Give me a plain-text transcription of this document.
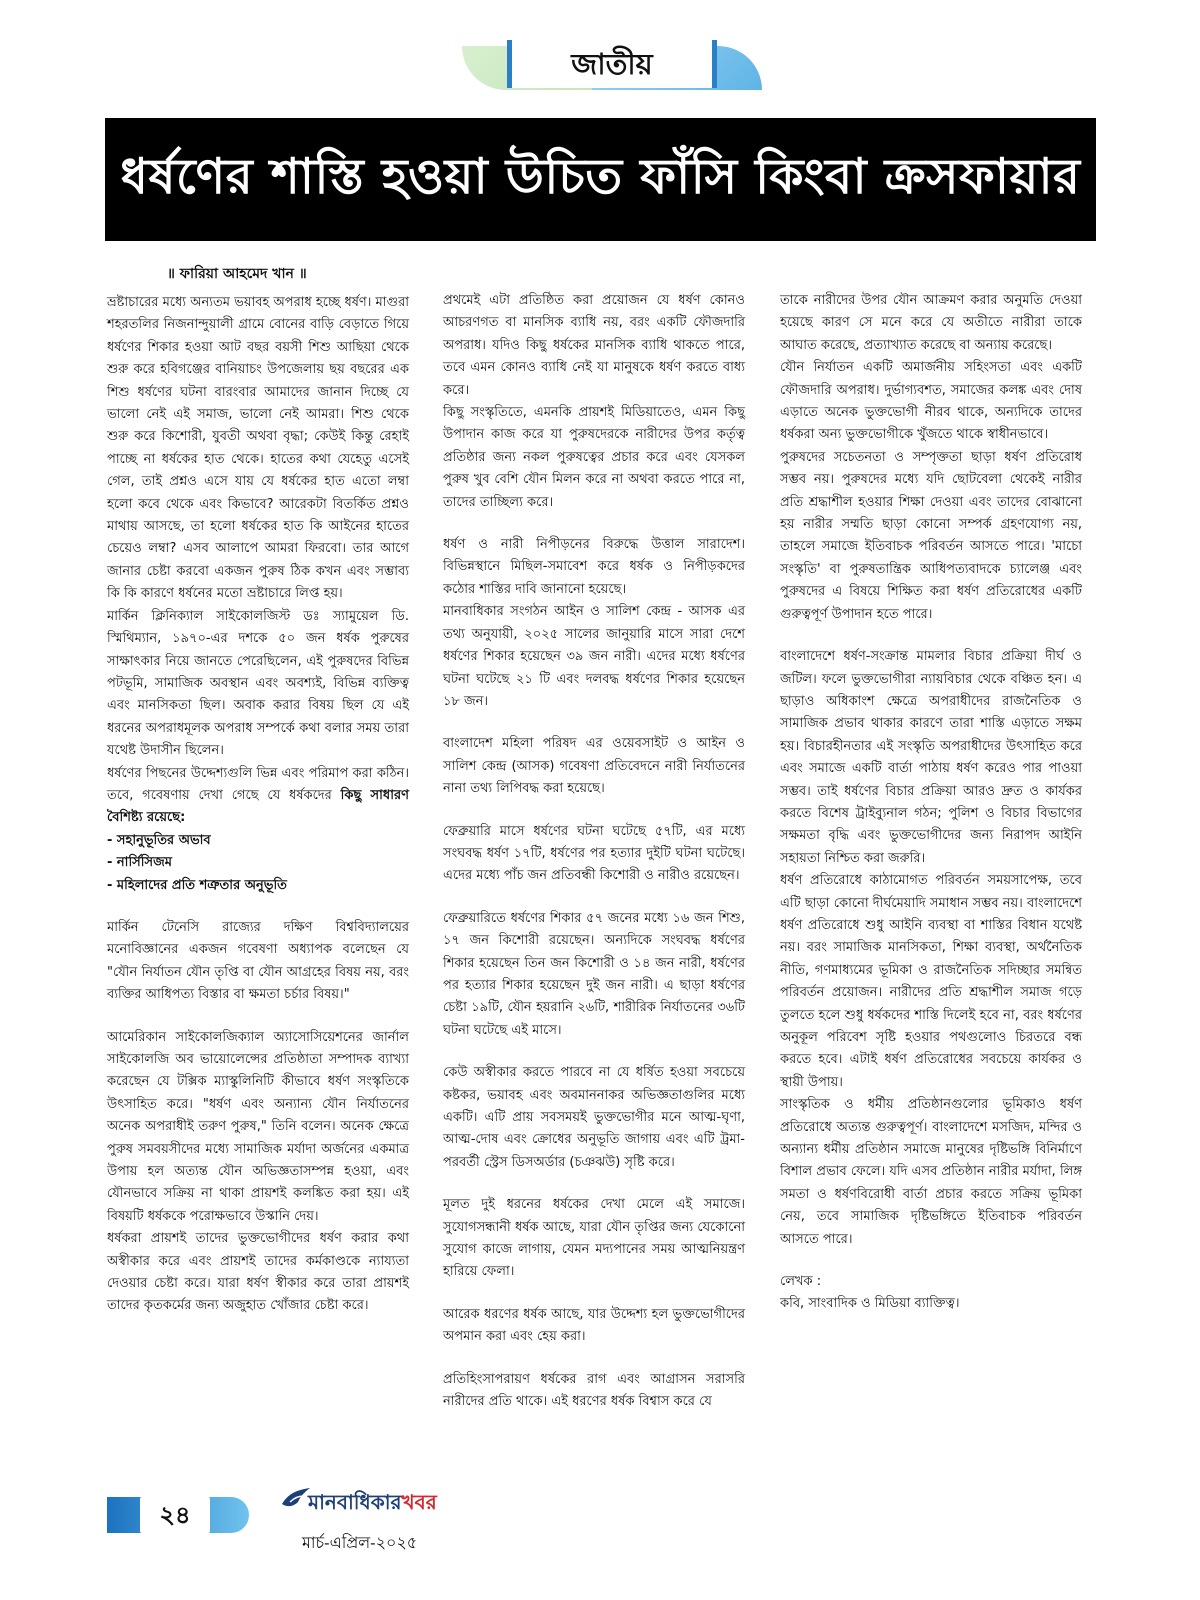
জাতীয়
ধর্ষণের শাস্তি হওয়া উচিত ফাঁসি কিংবা ক্রসফায়ার

॥ ফারিয়া আহমেদ খান ॥

ভ্রষ্টাচারের মধ্যে অন্যতম ভয়াবহ অপরাধ হচ্ছে ধর্ষণ। মাগুরা শহরতলির নিজনান্দুয়ালী গ্রামে বোনের বাড়ি বেড়াতে গিয়ে ধর্ষণের শিকার হওয়া আট বছর বয়সী শিশু আছিয়া থেকে শুরু করে হবিগঞ্জের বানিয়াচং উপজেলায় ছয় বছরের এক শিশু ধর্ষণের ঘটনা বারংবার আমাদের জানান দিচ্ছে যে ভালো নেই এই সমাজ, ভালো নেই আমরা। শিশু থেকে শুরু করে কিশোরী, যুবতী অথবা বৃদ্ধা; কেউই কিন্তু রেহাই পাচ্ছে না ধর্ষকের হাত থেকে। হাতের কথা যেহেতু এসেই গেল, তাই প্রশ্নও এসে যায় যে ধর্ষকের হাত এতো লম্বা হলো কবে থেকে এবং কিভাবে? আরেকটা বিতর্কিত প্রশ্নও মাথায় আসছে, তা হলো ধর্ষকের হাত কি আইনের হাতের চেয়েও লম্বা? এসব আলাপে আমরা ফিরবো। তার আগে জানার চেষ্টা করবো একজন পুরুষ ঠিক কখন এবং সম্ভাব্য কি কি কারণে ধর্ষনের মতো ভ্রষ্টাচারে লিপ্ত হয়।

মার্কিন ক্লিনিক্যাল সাইকোলজিস্ট ডঃ স্যামুয়েল ডি. স্মিথিম্যান, ১৯৭০-এর দশকে ৫০ জন ধর্ষক পুরুষের সাক্ষাৎকার নিয়ে জানতে পেরেছিলেন, এই পুরুষদের বিভিন্ন পটভূমি, সামাজিক অবস্থান এবং অবশ্যই, বিভিন্ন ব্যক্তিত্ব এবং মানসিকতা ছিল। অবাক করার বিষয় ছিল যে এই ধরনের অপরাধমূলক অপরাধ সম্পর্কে কথা বলার সময় তারা যথেষ্ট উদাসীন ছিলেন।

ধর্ষণের পিছনের উদ্দেশ্যগুলি ভিন্ন এবং পরিমাপ করা কঠিন। তবে, গবেষণায় দেখা গেছে যে ধর্ষকদের কিছু সাধারণ বৈশিষ্ট্য রয়েছে:

- সহানুভূতির অভাব

- নার্সিসিজম

- মহিলাদের প্রতি শত্রুতার অনুভূতি

মার্কিন টেনেসি রাজ্যের দক্ষিণ বিশ্ববিদ্যালয়ের মনোবিজ্ঞানের একজন গবেষণা অধ্যাপক বলেছেন যে "যৌন নির্যাতন যৌন তৃপ্তি বা যৌন আগ্রহের বিষয় নয়, বরং ব্যক্তির আধিপত্য বিস্তার বা ক্ষমতা চর্চার বিষয়।"

আমেরিকান সাইকোলজিক্যাল অ্যাসোসিয়েশনের জার্নাল সাইকোলজি অব ভায়োলেন্সের প্রতিষ্ঠাতা সম্পাদক ব্যাখ্যা করেছেন যে টক্সিক ম্যাস্কুলিনিটি কীভাবে ধর্ষণ সংস্কৃতিকে উৎসাহিত করে। "ধর্ষণ এবং অন্যান্য যৌন নির্যাতনের অনেক অপরাধীই তরুণ পুরুষ," তিনি বলেন। অনেক ক্ষেত্রে পুরুষ সমবয়সীদের মধ্যে সামাজিক মর্যাদা অর্জনের একমাত্র উপায় হল অত্যন্ত যৌন অভিজ্ঞতাসম্পন্ন হওয়া, এবং যৌনভাবে সক্রিয় না থাকা প্রায়শই কলঙ্কিত করা হয়। এই বিষয়টি ধর্ষককে পরোক্ষভাবে উস্কানি দেয়।

ধর্ষকরা প্রায়শই তাদের ভুক্তভোগীদের ধর্ষণ করার কথা অস্বীকার করে এবং প্রায়শই তাদের কর্মকাণ্ডকে ন্যায্যতা দেওয়ার চেষ্টা করে। যারা ধর্ষণ স্বীকার করে তারা প্রায়শই তাদের কৃতকর্মের জন্য অজুহাত খোঁজার চেষ্টা করে।

প্রথমেই এটা প্রতিষ্ঠিত করা প্রয়োজন যে ধর্ষণ কোনও আচরণগত বা মানসিক ব্যাধি নয়, বরং একটি ফৌজদারি অপরাধ। যদিও কিছু ধর্ষকের মানসিক ব্যাধি থাকতে পারে, তবে এমন কোনও ব্যাধি নেই যা মানুষকে ধর্ষণ করতে বাধ্য করে।

কিছু সংস্কৃতিতে, এমনকি প্রায়শই মিডিয়াতেও, এমন কিছু উপাদান কাজ করে যা পুরুষদেরকে নারীদের উপর কর্তৃত্ব প্রতিষ্ঠার জন্য নকল পুরুষত্বের প্রচার করে এবং যেসকল পুরুষ খুব বেশি যৌন মিলন করে না অথবা করতে পারে না, তাদের তাচ্ছিল্য করে।

ধর্ষণ ও নারী নিপীড়নের বিরুদ্ধে উত্তাল সারাদেশ। বিভিন্নস্থানে মিছিল-সমাবেশ করে ধর্ষক ও নিপীড়কদের কঠোর শাস্তির দাবি জানানো হয়েছে।

মানবাধিকার সংগঠন আইন ও সালিশ কেন্দ্র - আসক এর তথ্য অনুযায়ী, ২০২৫ সালের জানুয়ারি মাসে সারা দেশে ধর্ষণের শিকার হয়েছেন ৩৯ জন নারী। এদের মধ্যে ধর্ষণের ঘটনা ঘটেছে ২১ টি এবং দলবদ্ধ ধর্ষণের শিকার হয়েছেন ১৮ জন।

বাংলাদেশ মহিলা পরিষদ এর ওয়েবসাইট ও আইন ও সালিশ কেন্দ্র (আসক) গবেষণা প্রতিবেদনে নারী নির্যাতনের নানা তথ্য লিপিবদ্ধ করা হয়েছে।

ফেব্রুয়ারি মাসে ধর্ষণের ঘটনা ঘটেছে ৫৭টি, এর মধ্যে সংঘবদ্ধ ধর্ষণ ১৭টি, ধর্ষণের পর হত্যার দুইটি ঘটনা ঘটেছে। এদের মধ্যে পাঁচ জন প্রতিবন্ধী কিশোরী ও নারীও রয়েছেন।

ফেব্রুয়ারিতে ধর্ষণের শিকার ৫৭ জনের মধ্যে ১৬ জন শিশু, ১৭ জন কিশোরী রয়েছেন। অন্যদিকে সংঘবদ্ধ ধর্ষণের শিকার হয়েছেন তিন জন কিশোরী ও ১৪ জন নারী, ধর্ষণের পর হত্যার শিকার হয়েছেন দুই জন নারী। এ ছাড়া ধর্ষণের চেষ্টা ১৯টি, যৌন হয়রানি ২৬টি, শারীরিক নির্যাতনের ৩৬টি ঘটনা ঘটেছে এই মাসে।

কেউ অস্বীকার করতে পারবে না যে ধর্ষিত হওয়া সবচেয়ে কষ্টকর, ভয়াবহ এবং অবমাননাকর অভিজ্ঞতাগুলির মধ্যে একটি। এটি প্রায় সবসময়ই ভুক্তভোগীর মনে আত্ম-ঘৃণা, আত্ম-দোষ এবং ক্রোধের অনুভূতি জাগায় এবং এটি ট্রমা-পরবর্তী স্ট্রেস ডিসঅর্ডার (চঞঝউ) সৃষ্টি করে।

মূলত দুই ধরনের ধর্ষকের দেখা মেলে এই সমাজে। সুযোগসন্ধানী ধর্ষক আছে, যারা যৌন তৃপ্তির জন্য যেকোনো সুযোগ কাজে লাগায়, যেমন মদ্যপানের সময় আত্মনিয়ন্ত্রণ হারিয়ে ফেলা।

আরেক ধরণের ধর্ষক আছে, যার উদ্দেশ্য হল ভুক্তভোগীদের অপমান করা এবং হেয় করা।

প্রতিহিংসাপরায়ণ ধর্ষকের রাগ এবং আগ্রাসন সরাসরি নারীদের প্রতি থাকে। এই ধরণের ধর্ষক বিশ্বাস করে যে

তাকে নারীদের উপর যৌন আক্রমণ করার অনুমতি দেওয়া হয়েছে কারণ সে মনে করে যে অতীতে নারীরা তাকে আঘাত করেছে, প্রত্যাখ্যাত করেছে বা অন্যায় করেছে।

যৌন নির্যাতন একটি অমার্জনীয় সহিংসতা এবং একটি ফৌজদারি অপরাধ। দুর্ভাগ্যবশত, সমাজের কলঙ্ক এবং দোষ এড়াতে অনেক ভুক্তভোগী নীরব থাকে, অন্যদিকে তাদের ধর্ষকরা অন্য ভুক্তভোগীকে খুঁজতে থাকে স্বাধীনভাবে।

পুরুষদের সচেতনতা ও সম্পৃক্ততা ছাড়া ধর্ষণ প্রতিরোধ সম্ভব নয়। পুরুষদের মধ্যে যদি ছোটবেলা থেকেই নারীর প্রতি শ্রদ্ধাশীল হওয়ার শিক্ষা দেওয়া এবং তাদের বোঝানো হয় নারীর সম্মতি ছাড়া কোনো সম্পর্ক গ্রহণযোগ্য নয়, তাহলে সমাজে ইতিবাচক পরিবর্তন আসতে পারে। 'মাচো সংস্কৃতি' বা পুরুষতান্ত্রিক আধিপত্যবাদকে চ্যালেঞ্জ এবং পুরুষদের এ বিষয়ে শিক্ষিত করা ধর্ষণ প্রতিরোধের একটি গুরুত্বপূর্ণ উপাদান হতে পারে।

বাংলাদেশে ধর্ষণ-সংক্রান্ত মামলার বিচার প্রক্রিয়া দীর্ঘ ও জটিল। ফলে ভুক্তভোগীরা ন্যায়বিচার থেকে বঞ্চিত হন। এ ছাড়াও অধিকাংশ ক্ষেত্রে অপরাধীদের রাজনৈতিক ও সামাজিক প্রভাব থাকার কারণে তারা শাস্তি এড়াতে সক্ষম হয়। বিচারহীনতার এই সংস্কৃতি অপরাধীদের উৎসাহিত করে এবং সমাজে একটি বার্তা পাঠায় ধর্ষণ করেও পার পাওয়া সম্ভব। তাই ধর্ষণের বিচার প্রক্রিয়া আরও দ্রুত ও কার্যকর করতে বিশেষ ট্রাইব্যুনাল গঠন; পুলিশ ও বিচার বিভাগের সক্ষমতা বৃদ্ধি এবং ভুক্তভোগীদের জন্য নিরাপদ আইনি সহায়তা নিশ্চিত করা জরুরি।

ধর্ষণ প্রতিরোধে কাঠামোগত পরিবর্তন সময়সাপেক্ষ, তবে এটি ছাড়া কোনো দীর্ঘমেয়াদি সমাধান সম্ভব নয়। বাংলাদেশে ধর্ষণ প্রতিরোধে শুধু আইনি ব্যবস্থা বা শাস্তির বিধান যথেষ্ট নয়। বরং সামাজিক মানসিকতা, শিক্ষা ব্যবস্থা, অর্থনৈতিক নীতি, গণমাধ্যমের ভূমিকা ও রাজনৈতিক সদিচ্ছার সমন্বিত পরিবর্তন প্রয়োজন। নারীদের প্রতি শ্রদ্ধাশীল সমাজ গড়ে তুলতে হলে শুধু ধর্ষকদের শাস্তি দিলেই হবে না, বরং ধর্ষণের অনুকূল পরিবেশ সৃষ্টি হওয়ার পথগুলোও চিরতরে বন্ধ করতে হবে। এটাই ধর্ষণ প্রতিরোধের সবচেয়ে কার্যকর ও স্থায়ী উপায়।

সাংস্কৃতিক ও ধর্মীয় প্রতিষ্ঠানগুলোর ভূমিকাও ধর্ষণ প্রতিরোধে অত্যন্ত গুরুত্বপূর্ণ। বাংলাদেশে মসজিদ, মন্দির ও অন্যান্য ধর্মীয় প্রতিষ্ঠান সমাজে মানুষের দৃষ্টিভঙ্গি বিনির্মাণে বিশাল প্রভাব ফেলে। যদি এসব প্রতিষ্ঠান নারীর মর্যাদা, লিঙ্গ সমতা ও ধর্ষণবিরোধী বার্তা প্রচার করতে সক্রিয় ভূমিকা নেয়, তবে সামাজিক দৃষ্টিভঙ্গিতে ইতিবাচক পরিবর্তন আসতে পারে।

লেখক :

কবি, সাংবাদিক ও মিডিয়া ব্যাক্তিত্ব।

২৪	মানবাধিকারখবর
মার্চ-এপ্রিল-২০২৫
